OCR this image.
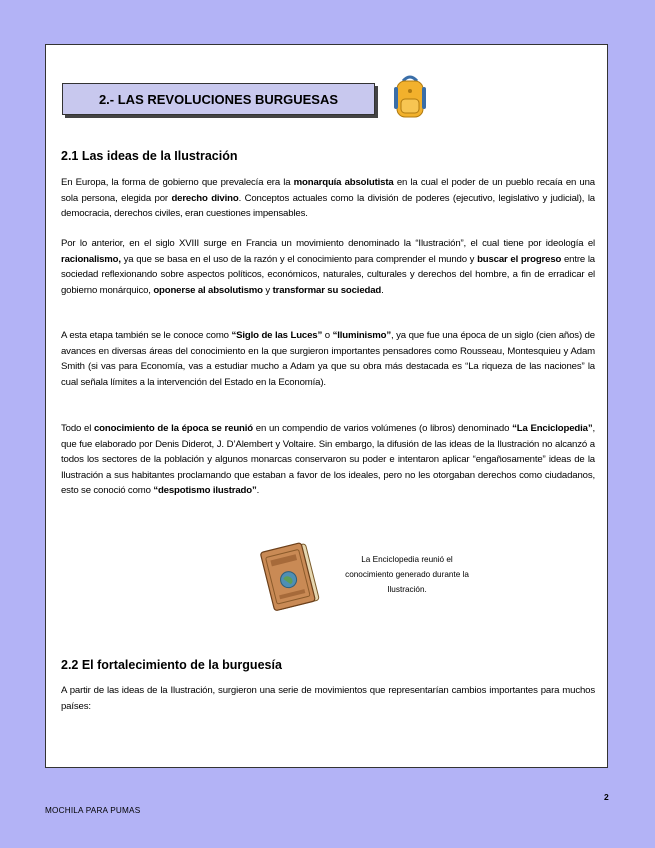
2.- LAS REVOLUCIONES BURGUESAS
2.1 Las ideas de la Ilustración

En Europa, la forma de gobierno que prevalecía era la monarquía absolutista en la cual el poder de un pueblo recaía en una sola persona, elegida por derecho divino. Conceptos actuales como la división de poderes (ejecutivo, legislativo y judicial), la democracia, derechos civiles, eran cuestiones impensables.

Por lo anterior, en el siglo XVIII surge en Francia un movimiento denominado la “Ilustración”, el cual tiene por ideología el racionalismo, ya que se basa en el uso de la razón y el conocimiento para comprender el mundo y buscar el progreso entre la sociedad reflexionando sobre aspectos políticos, económicos, naturales, culturales y derechos del hombre, a fin de erradicar el gobierno monárquico, oponerse al absolutismo y transformar su sociedad.

A esta etapa también se le conoce como “Siglo de las Luces” o “Iluminismo”, ya que fue una época de un siglo (cien años) de avances en diversas áreas del conocimiento en la que surgieron importantes pensadores como Rousseau, Montesquieu y Adam Smith (si vas para Economía, vas a estudiar mucho a Adam ya que su obra más destacada es “La riqueza de las naciones” la cual señala límites a la intervención del Estado en la Economía).

Todo el conocimiento de la época se reunió en un compendio de varios volúmenes (o libros) denominado “La Enciclopedia”, que fue elaborado por Denis Diderot, J. D’Alembert y Voltaire. Sin embargo, la difusión de las ideas de la Ilustración no alcanzó a todos los sectores de la población y algunos monarcas conservaron su poder e intentaron aplicar “engañosamente” ideas de la Ilustración a sus habitantes proclamando que estaban a favor de los ideales, pero no les otorgaban derechos como ciudadanos, esto se conoció como “despotismo ilustrado”.

La Enciclopedia reunió el conocimiento generado durante la Ilustración.
2.2 El fortalecimiento de la burguesía

A partir de las ideas de la Ilustración, surgieron una serie de movimientos que representarían cambios importantes para muchos países:

2
MOCHILA PARA PUMAS
